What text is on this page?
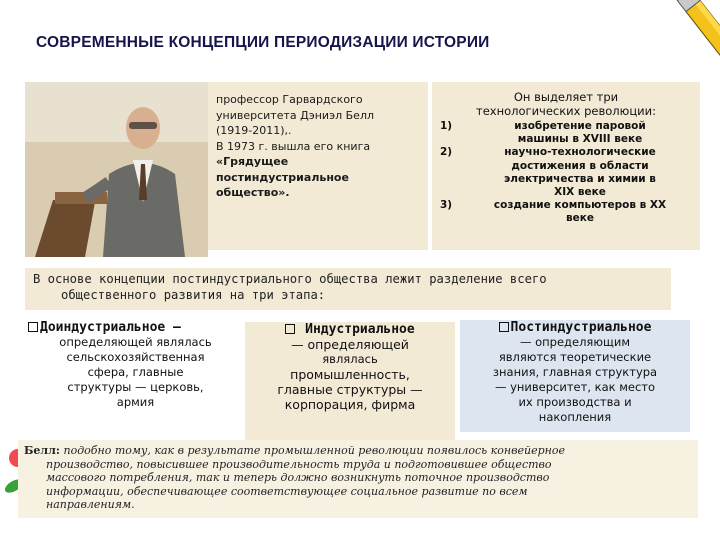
СОВРЕМЕННЫЕ КОНЦЕПЦИИ ПЕРИОДИЗАЦИИ ИСТОРИИ
профессор Гарвардского
университета Дэниэл Белл
(1919-2011),.
В 1973 г. вышла его книга
«Грядущее
постиндустриальное
общество».
Он выделяет три
технологических революции:
1)	изобретение паровой
машины в XVIII веке
2)	научно-технологические
достижения в области
электричества и химии в
XIX веке
3)	создание компьютеров в XX
веке
В основе концепции постиндустриального общества лежит разделение всего
общественного развития на три этапа:
Доиндустриальное —
определяющей являлась
сельскохозяйственная
сфера, главные
структуры — церковь,
армия
Индустриальное
— определяющей
являлась
промышленность,
главные структуры —
корпорация, фирма
Постиндустриальное
— определяющим
являются теоретические
знания, главная структура
— университет, как место
их производства и
накопления
Белл: подобно тому, как в результате промышленной революции появилось конвейерное
производство, повысившее производительность труда и подготовившее общество
массового потребления, так и теперь должно возникнуть поточное производство
информации, обеспечивающее соответствующее социальное развитие по всем
направлениям.
